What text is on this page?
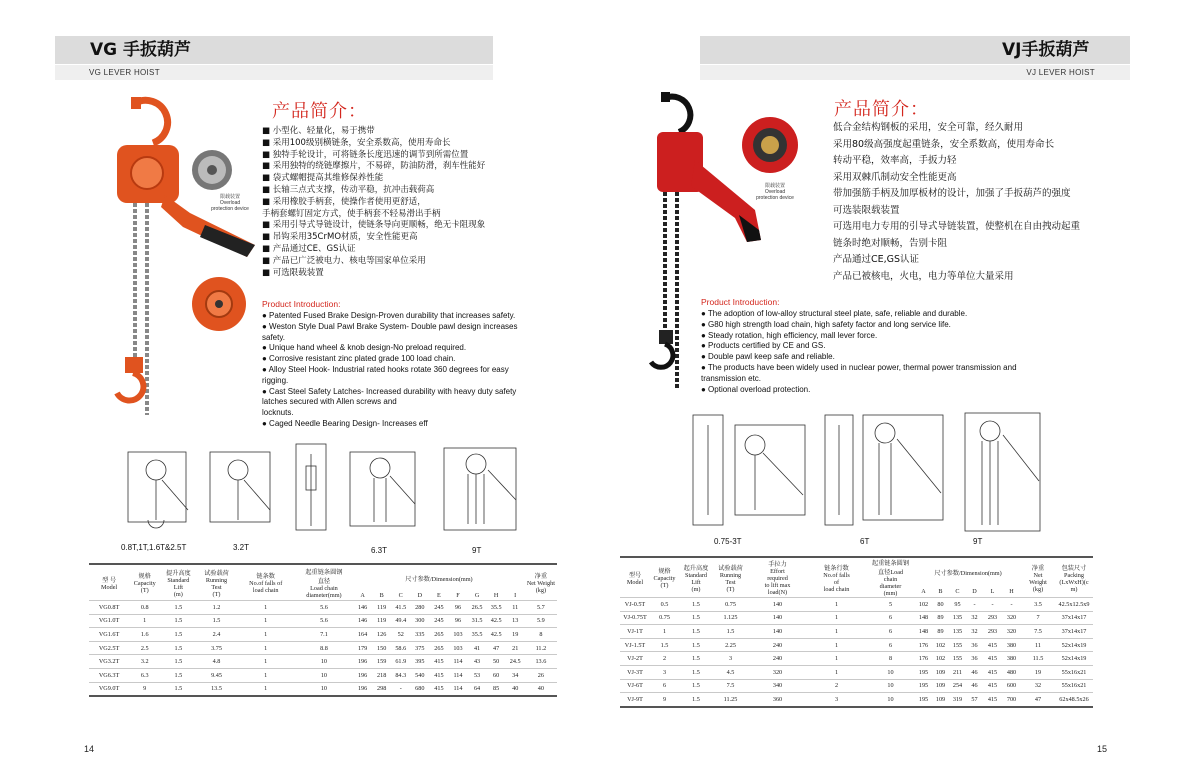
VG 手扳葫芦
VG LEVER HOIST
限载装置
Overload
protection device
产品简介：
■ 小型化、轻量化，易于携带
■ 采用100级别横链条，安全系数高，使用寿命长
■ 独特手轮设计，可将链条长度迅速的调节到所需位置
■ 采用独特的绕链摩擦片，不易碎，防油防滑，刹车性能好
■ 袋式螺帽提高其维修保养性能
■ 长轴三点式支撑，传动平稳，抗冲击载荷高
■ 采用橡胶手柄套，使操作者使用更舒适，
手柄套螺钉固定方式，使手柄套不轻易滑出手柄
■ 采用引导式导链设计，使链条导向更顺畅，绝无卡阻现象
■ 吊钩采用35CrMO材质，安全性能更高
■ 产品通过CE、GS认证
■ 产品已广泛被电力、核电等国家单位采用
■ 可选限载装置
Product Introduction:
● Patented Fused Brake Design-Proven durability that increases safety.
● Weston Style Dual Pawl Brake System- Double pawl design increases
safety.
● Unique hand wheel & knob design-No preload required.
● Corrosive resistant zinc plated grade 100 load chain.
● Alloy Steel Hook- Industrial rated hooks rotate 360 degrees for easy
rigging.
● Cast Steel Safety Latches- Increased durability with heavy duty safety
latches secured with Allen screws and
locknuts.
● Caged Needle Bearing Design- Increases eff
0.8T,1T,1.6T&2.5T	3.2T	6.3T	9T
型 号
Model	规格
Capacity
(T)	提升高度
Standard
Lift
(m)	试验载荷
Running
Test
(T)	链条数
No.of falls of
load chain	起重链条圆钢
直径
Load chain
diameter(mm)	尺寸参数/Dimension(mm)									净重
Net Weight
(kg)
						A	B	C	D	E	F	G	H	I	
VG0.8T	0.8	1.5	1.2	1	5.6	146	119	41.5	280	245	96	26.5	35.5	11	5.7
VG1.0T	1	1.5	1.5	1	5.6	146	119	49.4	300	245	96	31.5	42.5	13	5.9
VG1.6T	1.6	1.5	2.4	1	7.1	164	126	52	335	265	103	35.5	42.5	19	8
VG2.5T	2.5	1.5	3.75	1	8.8	179	150	58.6	375	265	103	41	47	21	11.2
VG3.2T	3.2	1.5	4.8	1	10	196	159	61.9	395	415	114	43	50	24.5	13.6
VG6.3T	6.3	1.5	9.45	1	10	196	218	84.3	540	415	114	53	60	34	26
VG9.0T	9	1.5	13.5	1	10	196	298	-	680	415	114	64	85	40	40
14
VJ手扳葫芦
VJ LEVER HOIST
限载装置
Overload
protection device
产品简介：
低合金结构钢板的采用，安全可靠，经久耐用
采用80级高强度起重链条，安全系数高，使用寿命长
转动平稳，效率高，手扳力轻
采用双棘爪制动安全性能更高
带加强筋手柄及加厚板材的设计，加强了手扳葫芦的强度
可选装限载装置
可选用电力专用的引导式导链装置，使整机在自由拽动起重
链条时绝对顺畅，告别卡阻
产品通过CE,GS认证
产品已被核电，火电，电力等单位大量采用
Product Introduction:
● The adoption of low-alloy structural steel plate, safe, reliable and durable.
● G80 high strength load chain, high safety factor and long service life.
● Steady rotation, high efficiency, mall lever force.
● Products certified by CE and GS.
● Double pawl keep safe and reliable.
● The products have been widely used in nuclear power, thermal power transmission and
transmission etc.
● Optional overload protection.
0.75-3T	6T	9T
型号
Model	规格
Capacity
(T)	起升高度
Standard
Lift
(m)	试验载荷
Running
Test
(T)	手拉力
Effort
required
to lift max
load(N)	链条行数
No.of falls
of
load chain	起重链条圆钢
直径Load
chain
diameter
(mm)	尺寸参数/Dimension(mm)						净重
Net
Weight
(kg)	包装尺寸
Packing
(LxWxH)(c
m)
							A	B	C	D	L	H		
VJ-0.5T	0.5	1.5	0.75	140	1	5	102	80	95	-	-	-	3.5	42.5x12.5x9
VJ-0.75T	0.75	1.5	1.125	140	1	6	148	89	135	32	293	320	7	37x14x17
VJ-1T	1	1.5	1.5	140	1	6	148	89	135	32	293	320	7.5	37x14x17
VJ-1.5T	1.5	1.5	2.25	240	1	6	176	102	155	36	415	380	11	52x14x19
VJ-2T	2	1.5	3	240	1	8	176	102	155	36	415	380	11.5	52x14x19
VJ-3T	3	1.5	4.5	320	1	10	195	109	211	46	415	480	19	55x16x21
VJ-6T	6	1.5	7.5	340	2	10	195	109	254	46	415	600	32	55x16x21
VJ-9T	9	1.5	11.25	360	3	10	195	109	319	57	415	700	47	62x48.5x26
15
